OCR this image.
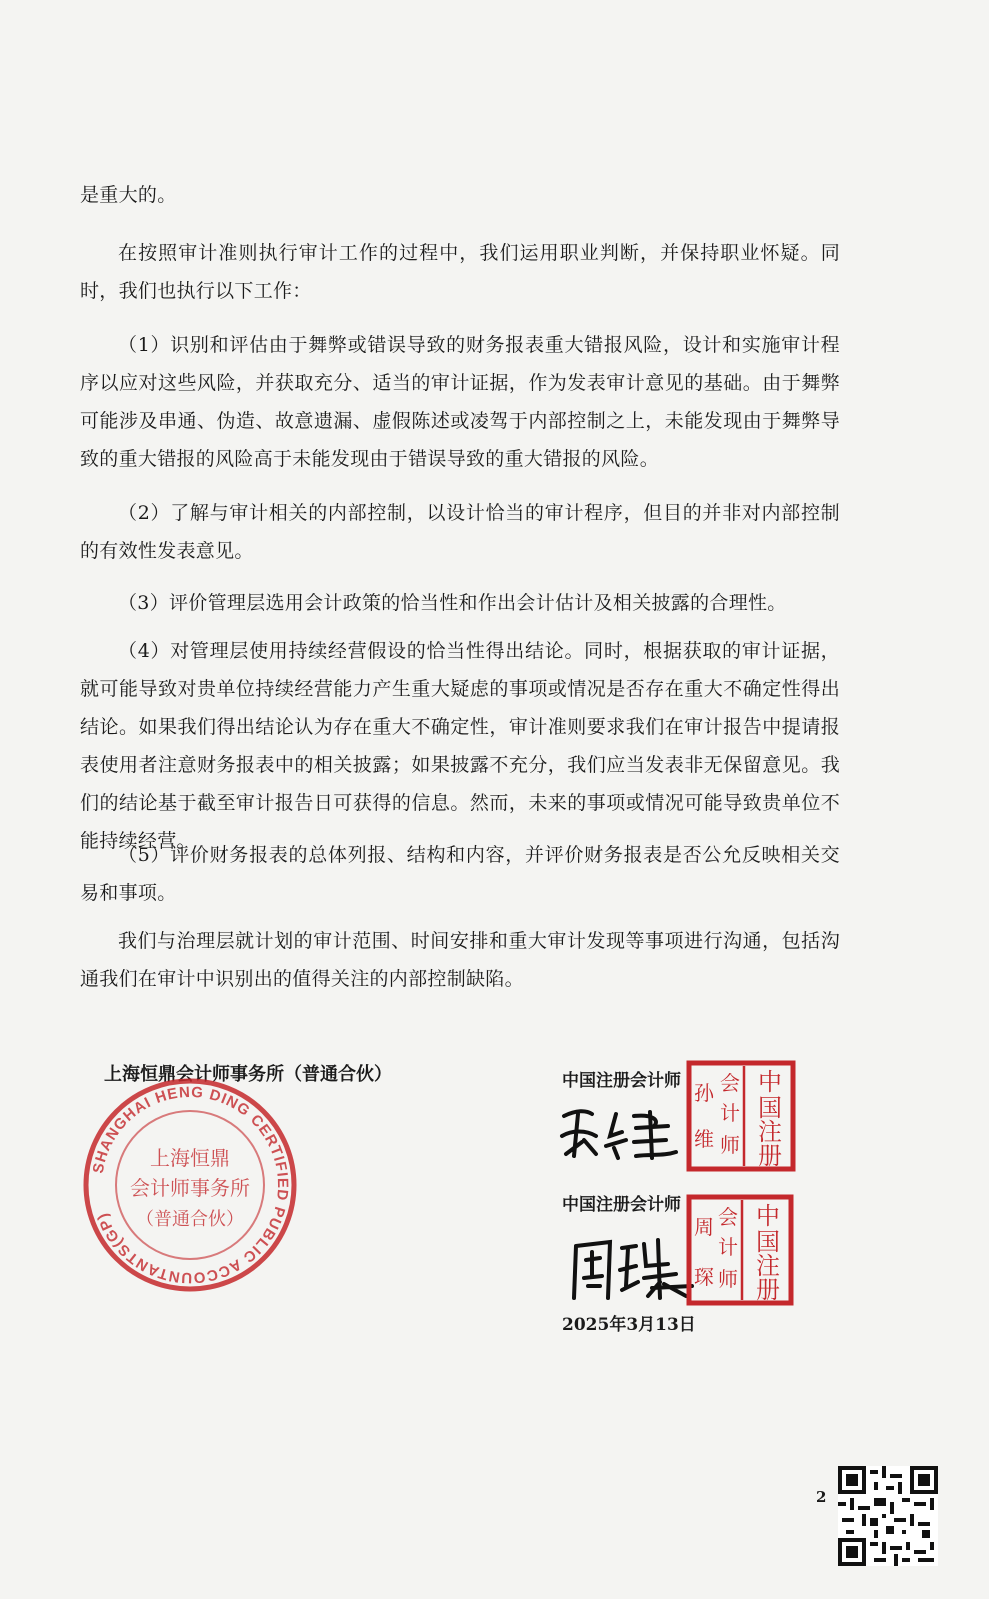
是重大的。

在按照审计准则执行审计工作的过程中，我们运用职业判断，并保持职业怀疑。同时，我们也执行以下工作：

（1）识别和评估由于舞弊或错误导致的财务报表重大错报风险，设计和实施审计程序以应对这些风险，并获取充分、适当的审计证据，作为发表审计意见的基础。由于舞弊可能涉及串通、伪造、故意遗漏、虚假陈述或凌驾于内部控制之上，未能发现由于舞弊导致的重大错报的风险高于未能发现由于错误导致的重大错报的风险。

（2）了解与审计相关的内部控制，以设计恰当的审计程序，但目的并非对内部控制的有效性发表意见。

（3）评价管理层选用会计政策的恰当性和作出会计估计及相关披露的合理性。

（4）对管理层使用持续经营假设的恰当性得出结论。同时，根据获取的审计证据，就可能导致对贵单位持续经营能力产生重大疑虑的事项或情况是否存在重大不确定性得出结论。如果我们得出结论认为存在重大不确定性，审计准则要求我们在审计报告中提请报表使用者注意财务报表中的相关披露；如果披露不充分，我们应当发表非无保留意见。我们的结论基于截至审计报告日可获得的信息。然而，未来的事项或情况可能导致贵单位不能持续经营。

（5）评价财务报表的总体列报、结构和内容，并评价财务报表是否公允反映相关交易和事项。

我们与治理层就计划的审计范围、时间安排和重大审计发现等事项进行沟通，包括沟通我们在审计中识别出的值得关注的内部控制缺陷。

上海恒鼎会计师事务所（普通合伙）
SHANGHAI HENG DING CERTIFIED PUBLIC ACCOUNTANTS(GP)
上海恒鼎
会计师事务所
（普通合伙）
中国注册会计师	中
国
注
册
会
计
师
孙
维
中国注册会计师	中
国
注
册
会
计
师
周
琛
2025年3月13日
2
